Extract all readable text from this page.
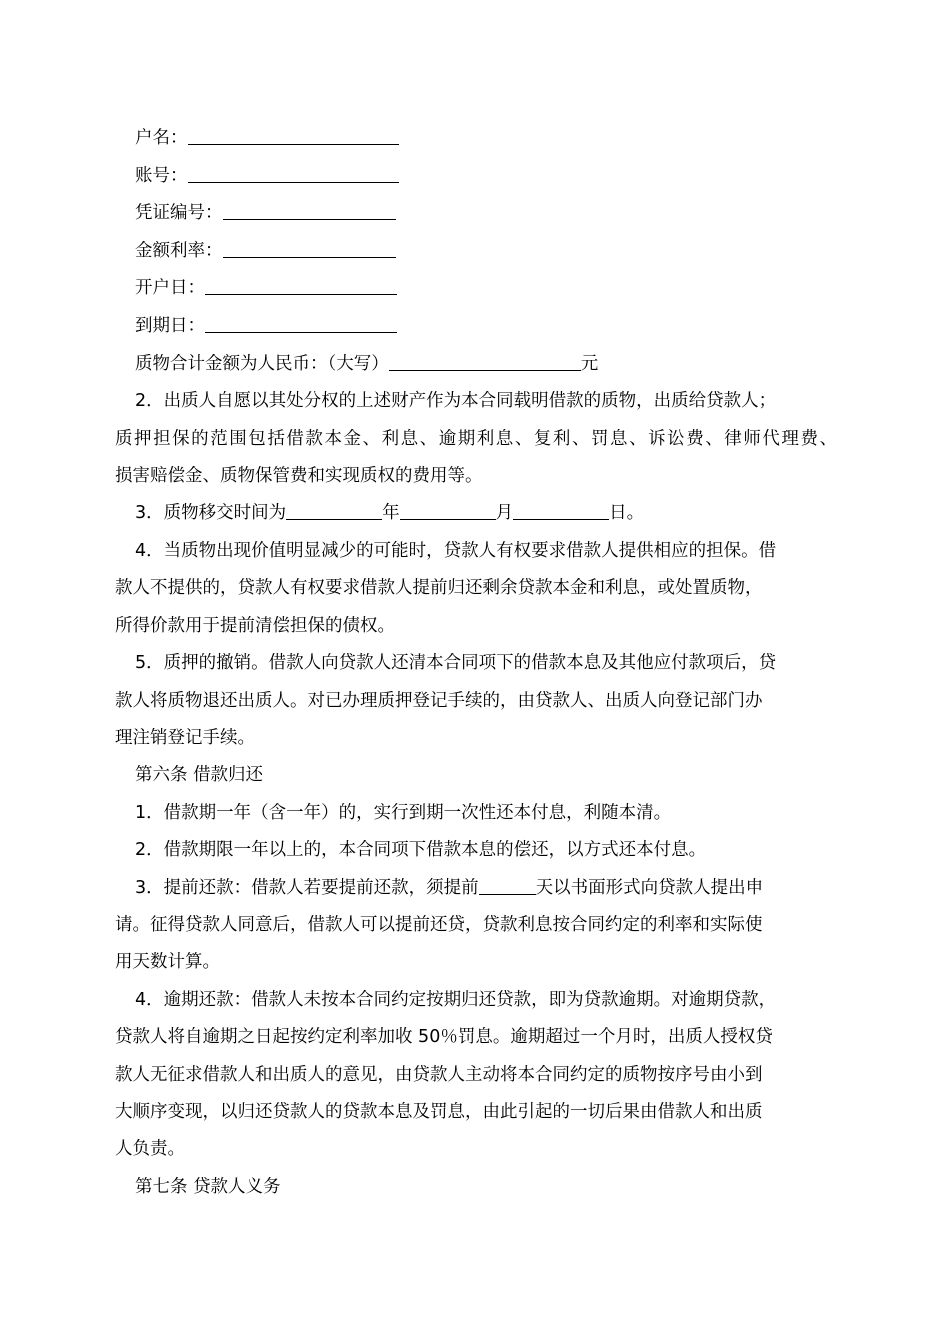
户名：
账号：
凭证编号：
金额利率：
开户日：
到期日：
质物合计金额为人民币：（大写）	元
2．出质人自愿以其处分权的上述财产作为本合同载明借款的质物，出质给贷款人；
质押担保的范围包括借款本金、利息、逾期利息、复利、罚息、诉讼费、律师代理费、
损害赔偿金、质物保管费和实现质权的费用等。
3．质物移交时间为	年	月	日。
4．当质物出现价值明显减少的可能时，贷款人有权要求借款人提供相应的担保。借
款人不提供的，贷款人有权要求借款人提前归还剩余贷款本金和利息，或处置质物，
所得价款用于提前清偿担保的债权。
5．质押的撤销。借款人向贷款人还清本合同项下的借款本息及其他应付款项后，贷
款人将质物退还出质人。对已办理质押登记手续的，由贷款人、出质人向登记部门办
理注销登记手续。
第六条 借款归还
1．借款期一年（含一年）的，实行到期一次性还本付息，利随本清。
2．借款期限一年以上的，本合同项下借款本息的偿还，以方式还本付息。
3．提前还款：借款人若要提前还款，须提前	天以书面形式向贷款人提出申
请。征得贷款人同意后，借款人可以提前还贷，贷款利息按合同约定的利率和实际使
用天数计算。
4．逾期还款：借款人未按本合同约定按期归还贷款，即为贷款逾期。对逾期贷款，
贷款人将自逾期之日起按约定利率加收 50％罚息。逾期超过一个月时，出质人授权贷
款人无征求借款人和出质人的意见，由贷款人主动将本合同约定的质物按序号由小到
大顺序变现，以归还贷款人的贷款本息及罚息，由此引起的一切后果由借款人和出质
人负责。
第七条 贷款人义务
